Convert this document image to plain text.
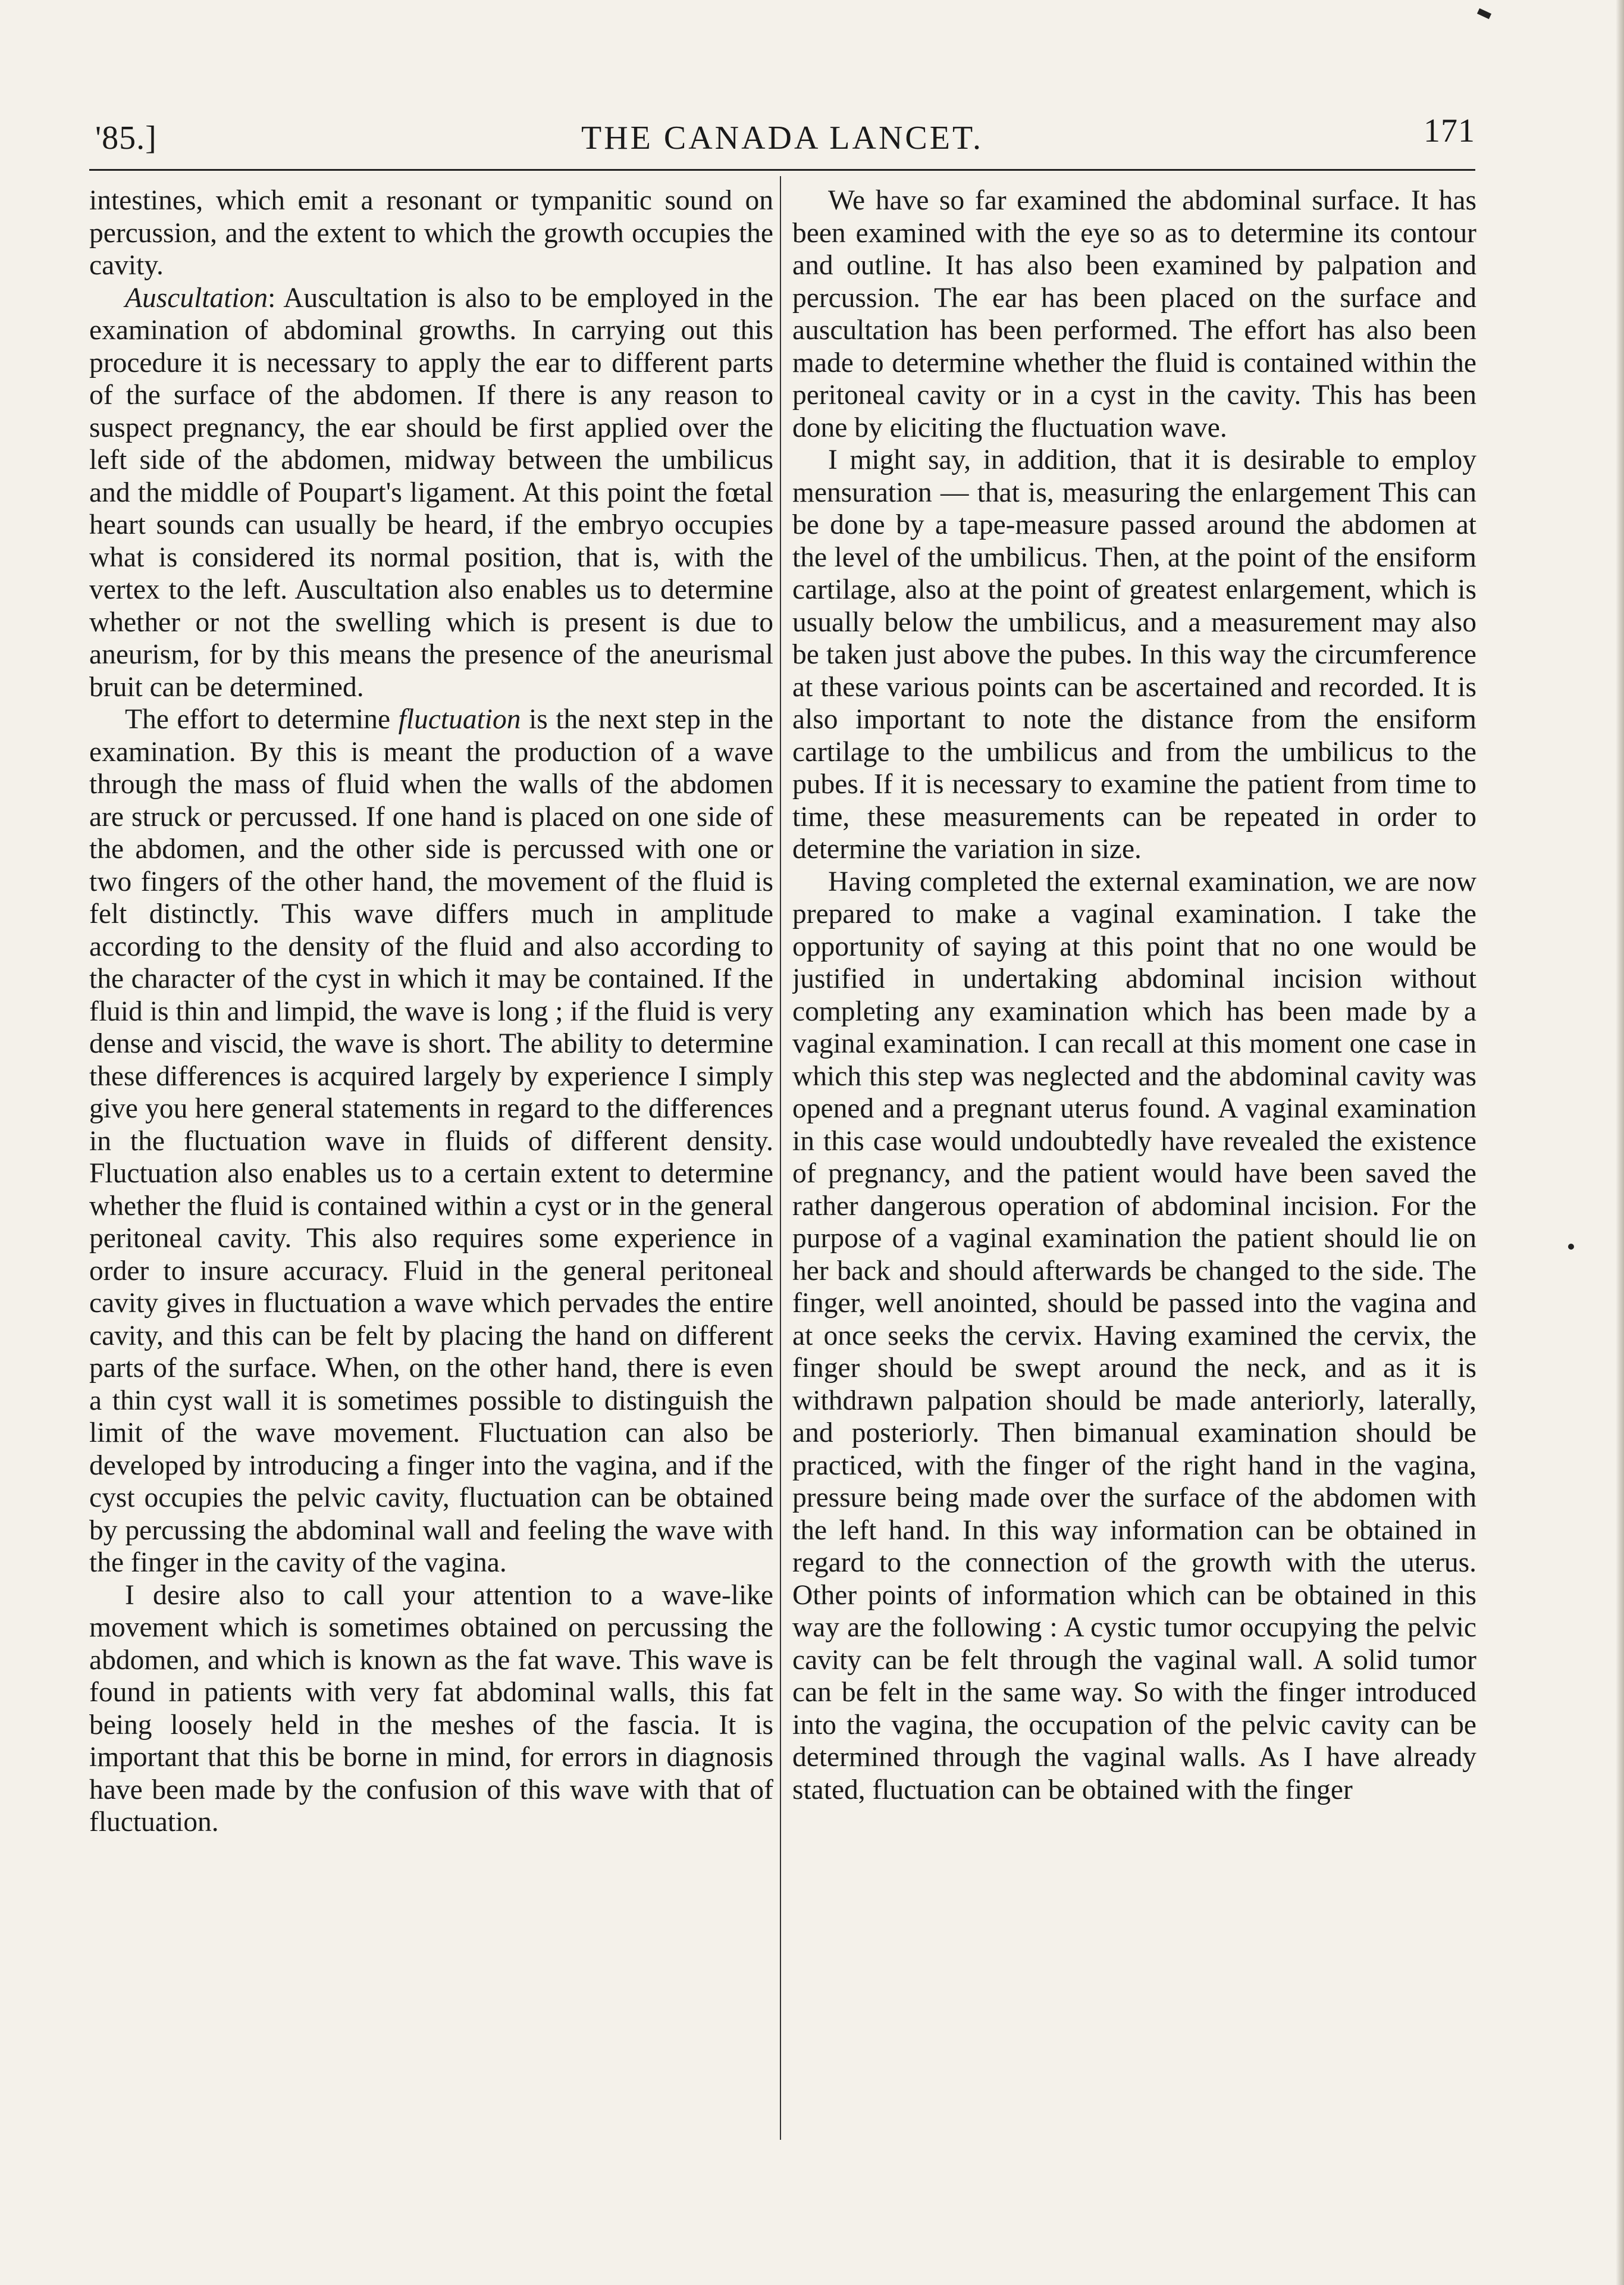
'85.]	THE CANADA LANCET.	171

intestines, which emit a resonant or tympanitic sound on percussion, and the extent to which the growth occupies the cavity.

Auscultation: Auscultation is also to be employed in the examination of abdominal growths. In carrying out this procedure it is necessary to apply the ear to different parts of the surface of the abdomen. If there is any reason to suspect pregnancy, the ear should be first applied over the left side of the abdomen, midway between the umbilicus and the middle of Poupart's ligament. At this point the fœtal heart sounds can usually be heard, if the embryo occupies what is considered its normal position, that is, with the vertex to the left. Auscultation also enables us to determine whether or not the swelling which is present is due to aneurism, for by this means the presence of the aneurismal bruit can be determined.

The effort to determine fluctuation is the next step in the examination. By this is meant the production of a wave through the mass of fluid when the walls of the abdomen are struck or percussed. If one hand is placed on one side of the abdomen, and the other side is percussed with one or two fingers of the other hand, the movement of the fluid is felt distinctly. This wave differs much in amplitude according to the density of the fluid and also according to the character of the cyst in which it may be contained. If the fluid is thin and limpid, the wave is long ; if the fluid is very dense and viscid, the wave is short. The ability to determine these differences is acquired largely by experience I simply give you here general statements in regard to the differences in the fluctuation wave in fluids of different density. Fluctuation also enables us to a certain extent to determine whether the fluid is contained within a cyst or in the general peritoneal cavity. This also requires some experience in order to insure accuracy. Fluid in the general peritoneal cavity gives in fluctuation a wave which pervades the entire cavity, and this can be felt by placing the hand on different parts of the surface. When, on the other hand, there is even a thin cyst wall it is sometimes possible to distinguish the limit of the wave movement. Fluctuation can also be developed by introducing a finger into the vagina, and if the cyst occupies the pelvic cavity, fluctuation can be obtained by percussing the abdominal wall and feeling the wave with the finger in the cavity of the vagina.

I desire also to call your attention to a wave-like movement which is sometimes obtained on percussing the abdomen, and which is known as the fat wave. This wave is found in patients with very fat abdominal walls, this fat being loosely held in the meshes of the fascia. It is important that this be borne in mind, for errors in diagnosis have been made by the confusion of this wave with that of fluctuation.

We have so far examined the abdominal surface. It has been examined with the eye so as to determine its contour and outline. It has also been examined by palpation and percussion. The ear has been placed on the surface and auscultation has been performed. The effort has also been made to determine whether the fluid is contained within the peritoneal cavity or in a cyst in the cavity. This has been done by eliciting the fluctuation wave.

I might say, in addition, that it is desirable to employ mensuration — that is, measuring the enlargement This can be done by a tape-measure passed around the abdomen at the level of the umbilicus. Then, at the point of the ensiform cartilage, also at the point of greatest enlargement, which is usually below the umbilicus, and a measurement may also be taken just above the pubes. In this way the circumference at these various points can be ascertained and recorded. It is also important to note the distance from the ensiform cartilage to the umbilicus and from the umbilicus to the pubes. If it is necessary to examine the patient from time to time, these measurements can be repeated in order to determine the variation in size.

Having completed the external examination, we are now prepared to make a vaginal examination. I take the opportunity of saying at this point that no one would be justified in undertaking abdominal incision without completing any examination which has been made by a vaginal examination. I can recall at this moment one case in which this step was neglected and the abdominal cavity was opened and a pregnant uterus found. A vaginal examination in this case would undoubtedly have revealed the existence of pregnancy, and the patient would have been saved the rather dangerous operation of abdominal incision. For the purpose of a vaginal examination the patient should lie on her back and should afterwards be changed to the side. The finger, well anointed, should be passed into the vagina and at once seeks the cervix. Having examined the cervix, the finger should be swept around the neck, and as it is withdrawn palpation should be made anteriorly, laterally, and posteriorly. Then bimanual examination should be practiced, with the finger of the right hand in the vagina, pressure being made over the surface of the abdomen with the left hand. In this way information can be obtained in regard to the connection of the growth with the uterus. Other points of information which can be obtained in this way are the following : A cystic tumor occupying the pelvic cavity can be felt through the vaginal wall. A solid tumor can be felt in the same way. So with the finger introduced into the vagina, the occupation of the pelvic cavity can be determined through the vaginal walls. As I have already stated, fluctuation can be obtained with the finger
